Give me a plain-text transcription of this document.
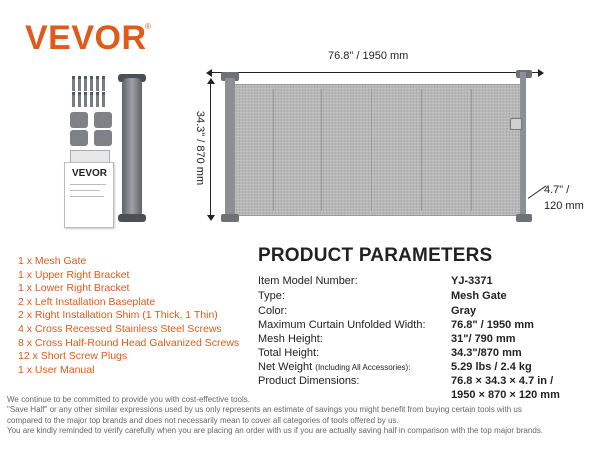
VEVOR
®
VEVOR
76.8" / 1950 mm
34.3" / 870 mm
4.7" /
120 mm
1 x Mesh Gate
1 x Upper Right Bracket
1 x Lower Right Bracket
2 x Left Installation Baseplate
2 x Right Installation Shim (1 Thick, 1 Thin)
4 x Cross Recessed Stainless Steel Screws
8 x Cross Half-Round Head Galvanized Screws
12 x Short Screw Plugs
1 x User Manual
PRODUCT PARAMETERS
Item Model Number:	YJ-3371
Type:	Mesh Gate
Color:	Gray
Maximum Curtain Unfolded Width: 76.8" / 1950 mm
Mesh Height:	31"/ 790 mm
Total Height:	34.3"/870 mm
Net Weight (Including All Accessories):	5.29 lbs / 2.4 kg
Product Dimensions:	76.8 × 34.3 × 4.7 in /
1950 × 870 × 120 mm
We continue to be committed to provide you with cost-effective tools.
"Save Half" or any other similar expressions used by us only represents an estimate of savings you might benefit from buying certain tools with us
compared to the major top brands and does not necessarily mean to cover all categories of tools offered by us.
You are kindly reminded to verify carefully when you are placing an order with us if you are actually saving half in comparison with the top major brands.
